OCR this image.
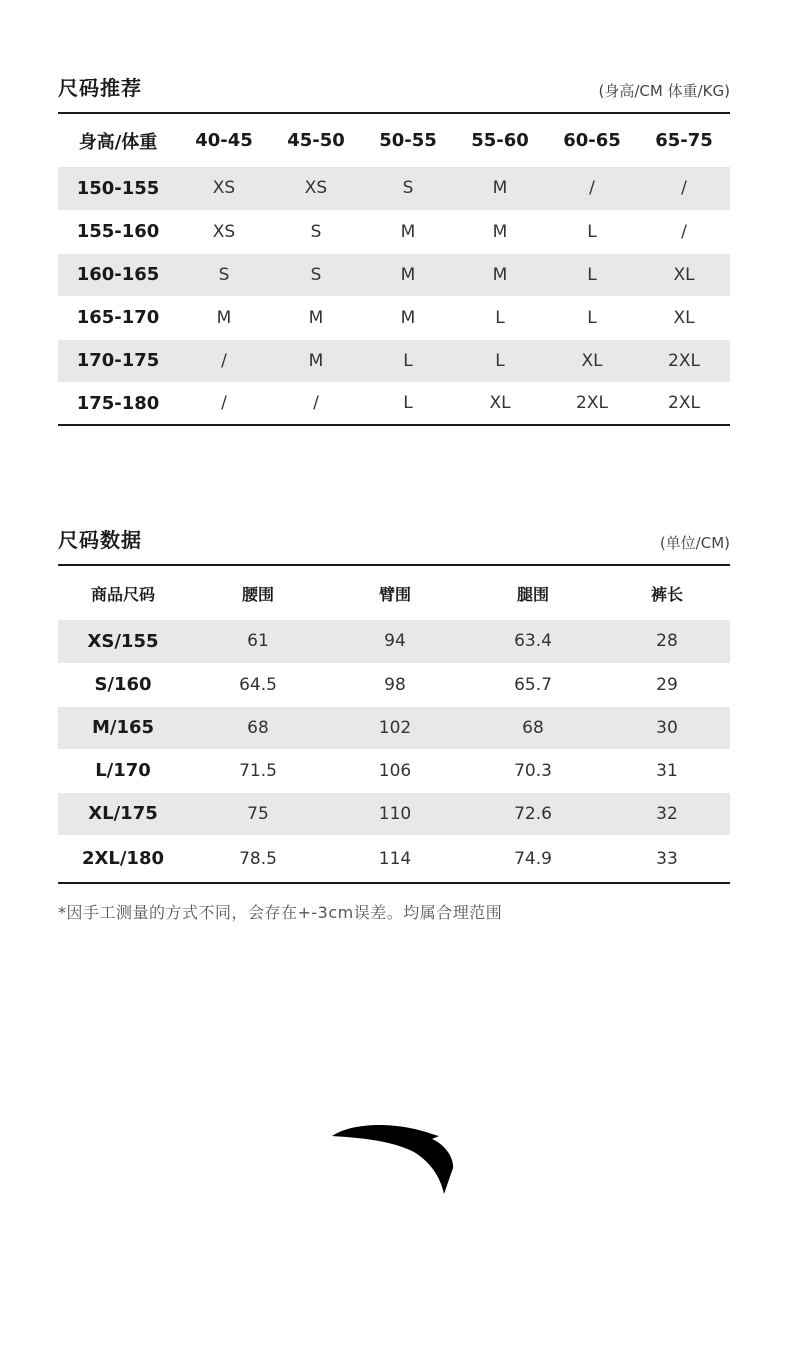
尺码推荐	(身高/CM 体重/KG)
身高/体重	40-45	45-50	50-55	55-60	60-65	65-75
150-155	XS	XS	S	M	/	/
155-160	XS	S	M	M	L	/
160-165	S	S	M	M	L	XL
165-170	M	M	M	L	L	XL
170-175	/	M	L	L	XL	2XL
175-180	/	/	L	XL	2XL	2XL
尺码数据	(单位/CM)
商品尺码	腰围	臂围	腿围	裤长
XS/155	61	94	63.4	28
S/160	64.5	98	65.7	29
M/165	68	102	68	30
L/170	71.5	106	70.3	31
XL/175	75	110	72.6	32
2XL/180	78.5	114	74.9	33
*因手工测量的方式不同，会存在+-3cm误差。均属合理范围
